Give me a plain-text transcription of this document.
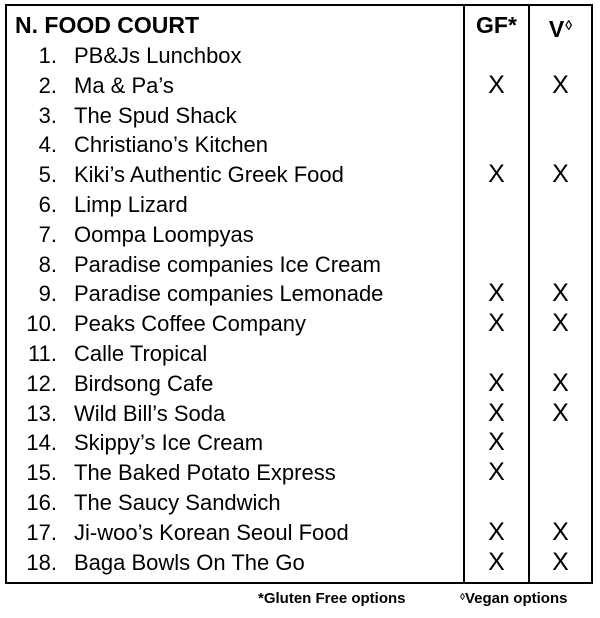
N. FOOD COURT	GF*	V◊
1. PB&Js Lunchbox
2. Ma & Pa’s	X	X
3. The Spud Shack
4. Christiano’s Kitchen
5. Kiki’s Authentic Greek Food	X	X
6. Limp Lizard
7. Oompa Loompyas
8. Paradise companies Ice Cream
9. Paradise companies Lemonade	X	X
10. Peaks Coffee Company	X	X
11. Calle Tropical
12. Birdsong Cafe	X	X
13. Wild Bill’s Soda	X	X
14. Skippy’s Ice Cream	X
15. The Baked Potato Express	X
16. The Saucy Sandwich
17. Ji-woo’s Korean Seoul Food	X	X
18. Baga Bowls On The Go	X	X
*Gluten Free options	◊Vegan options
